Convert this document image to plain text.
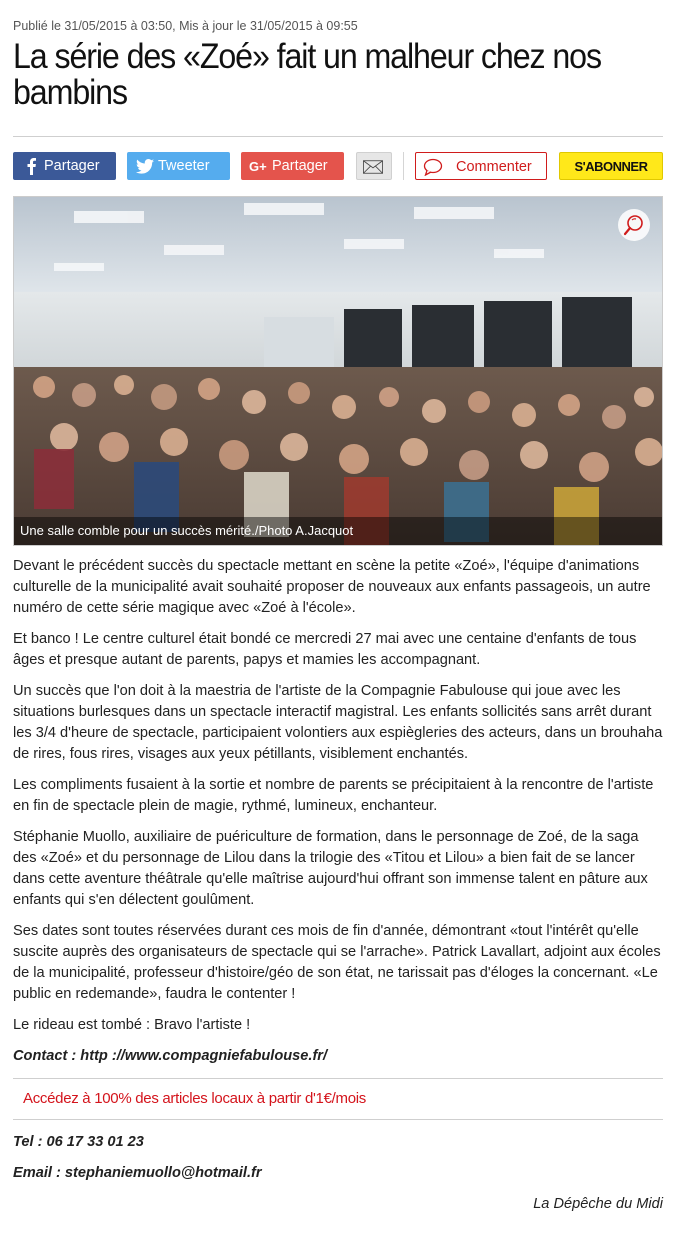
Publié le 31/05/2015 à 03:50, Mis à jour le 31/05/2015 à 09:55
La série des «Zoé» fait un malheur chez nos bambins
Partager	Tweeter	G+ Partager	Commenter	S'ABONNER
Une salle comble pour un succès mérité./Photo A.Jacquot

Devant le précédent succès du spectacle mettant en scène la petite «Zoé», l'équipe d'animations culturelle de la municipalité avait souhaité proposer de nouveaux aux enfants passageois, un autre numéro de cette série magique avec «Zoé à l'école».

Et banco ! Le centre culturel était bondé ce mercredi 27 mai avec une centaine d'enfants de tous âges et presque autant de parents, papys et mamies les accompagnant.

Un succès que l'on doit à la maestria de l'artiste de la Compagnie Fabulouse qui joue avec les situations burlesques dans un spectacle interactif magistral. Les enfants sollicités sans arrêt durant les 3/4 d'heure de spectacle, participaient volontiers aux espiègleries des acteurs, dans un brouhaha de rires, fous rires, visages aux yeux pétillants, visiblement enchantés.

Les compliments fusaient à la sortie et nombre de parents se précipitaient à la rencontre de l'artiste en fin de spectacle plein de magie, rythmé, lumineux, enchanteur.

Stéphanie Muollo, auxiliaire de puériculture de formation, dans le personnage de Zoé, de la saga des «Zoé» et du personnage de Lilou dans la trilogie des «Titou et Lilou» a bien fait de se lancer dans cette aventure théâtrale qu'elle maîtrise aujourd'hui offrant son immense talent en pâture aux enfants qui s'en délectent goulûment.

Ses dates sont toutes réservées durant ces mois de fin d'année, démontrant «tout l'intérêt qu'elle suscite auprès des organisateurs de spectacle qui se l'arrache». Patrick Lavallart, adjoint aux écoles de la municipalité, professeur d'histoire/géo de son état, ne tarissait pas d'éloges la concernant. «Le public en redemande», faudra le contenter !

Le rideau est tombé : Bravo l'artiste !

Contact : http ://www.compagniefabulouse.fr/

Accédez à 100% des articles locaux à partir d'1€/mois

Tel : 06 17 33 01 23

Email : stephaniemuollo@hotmail.fr

La Dépêche du Midi
